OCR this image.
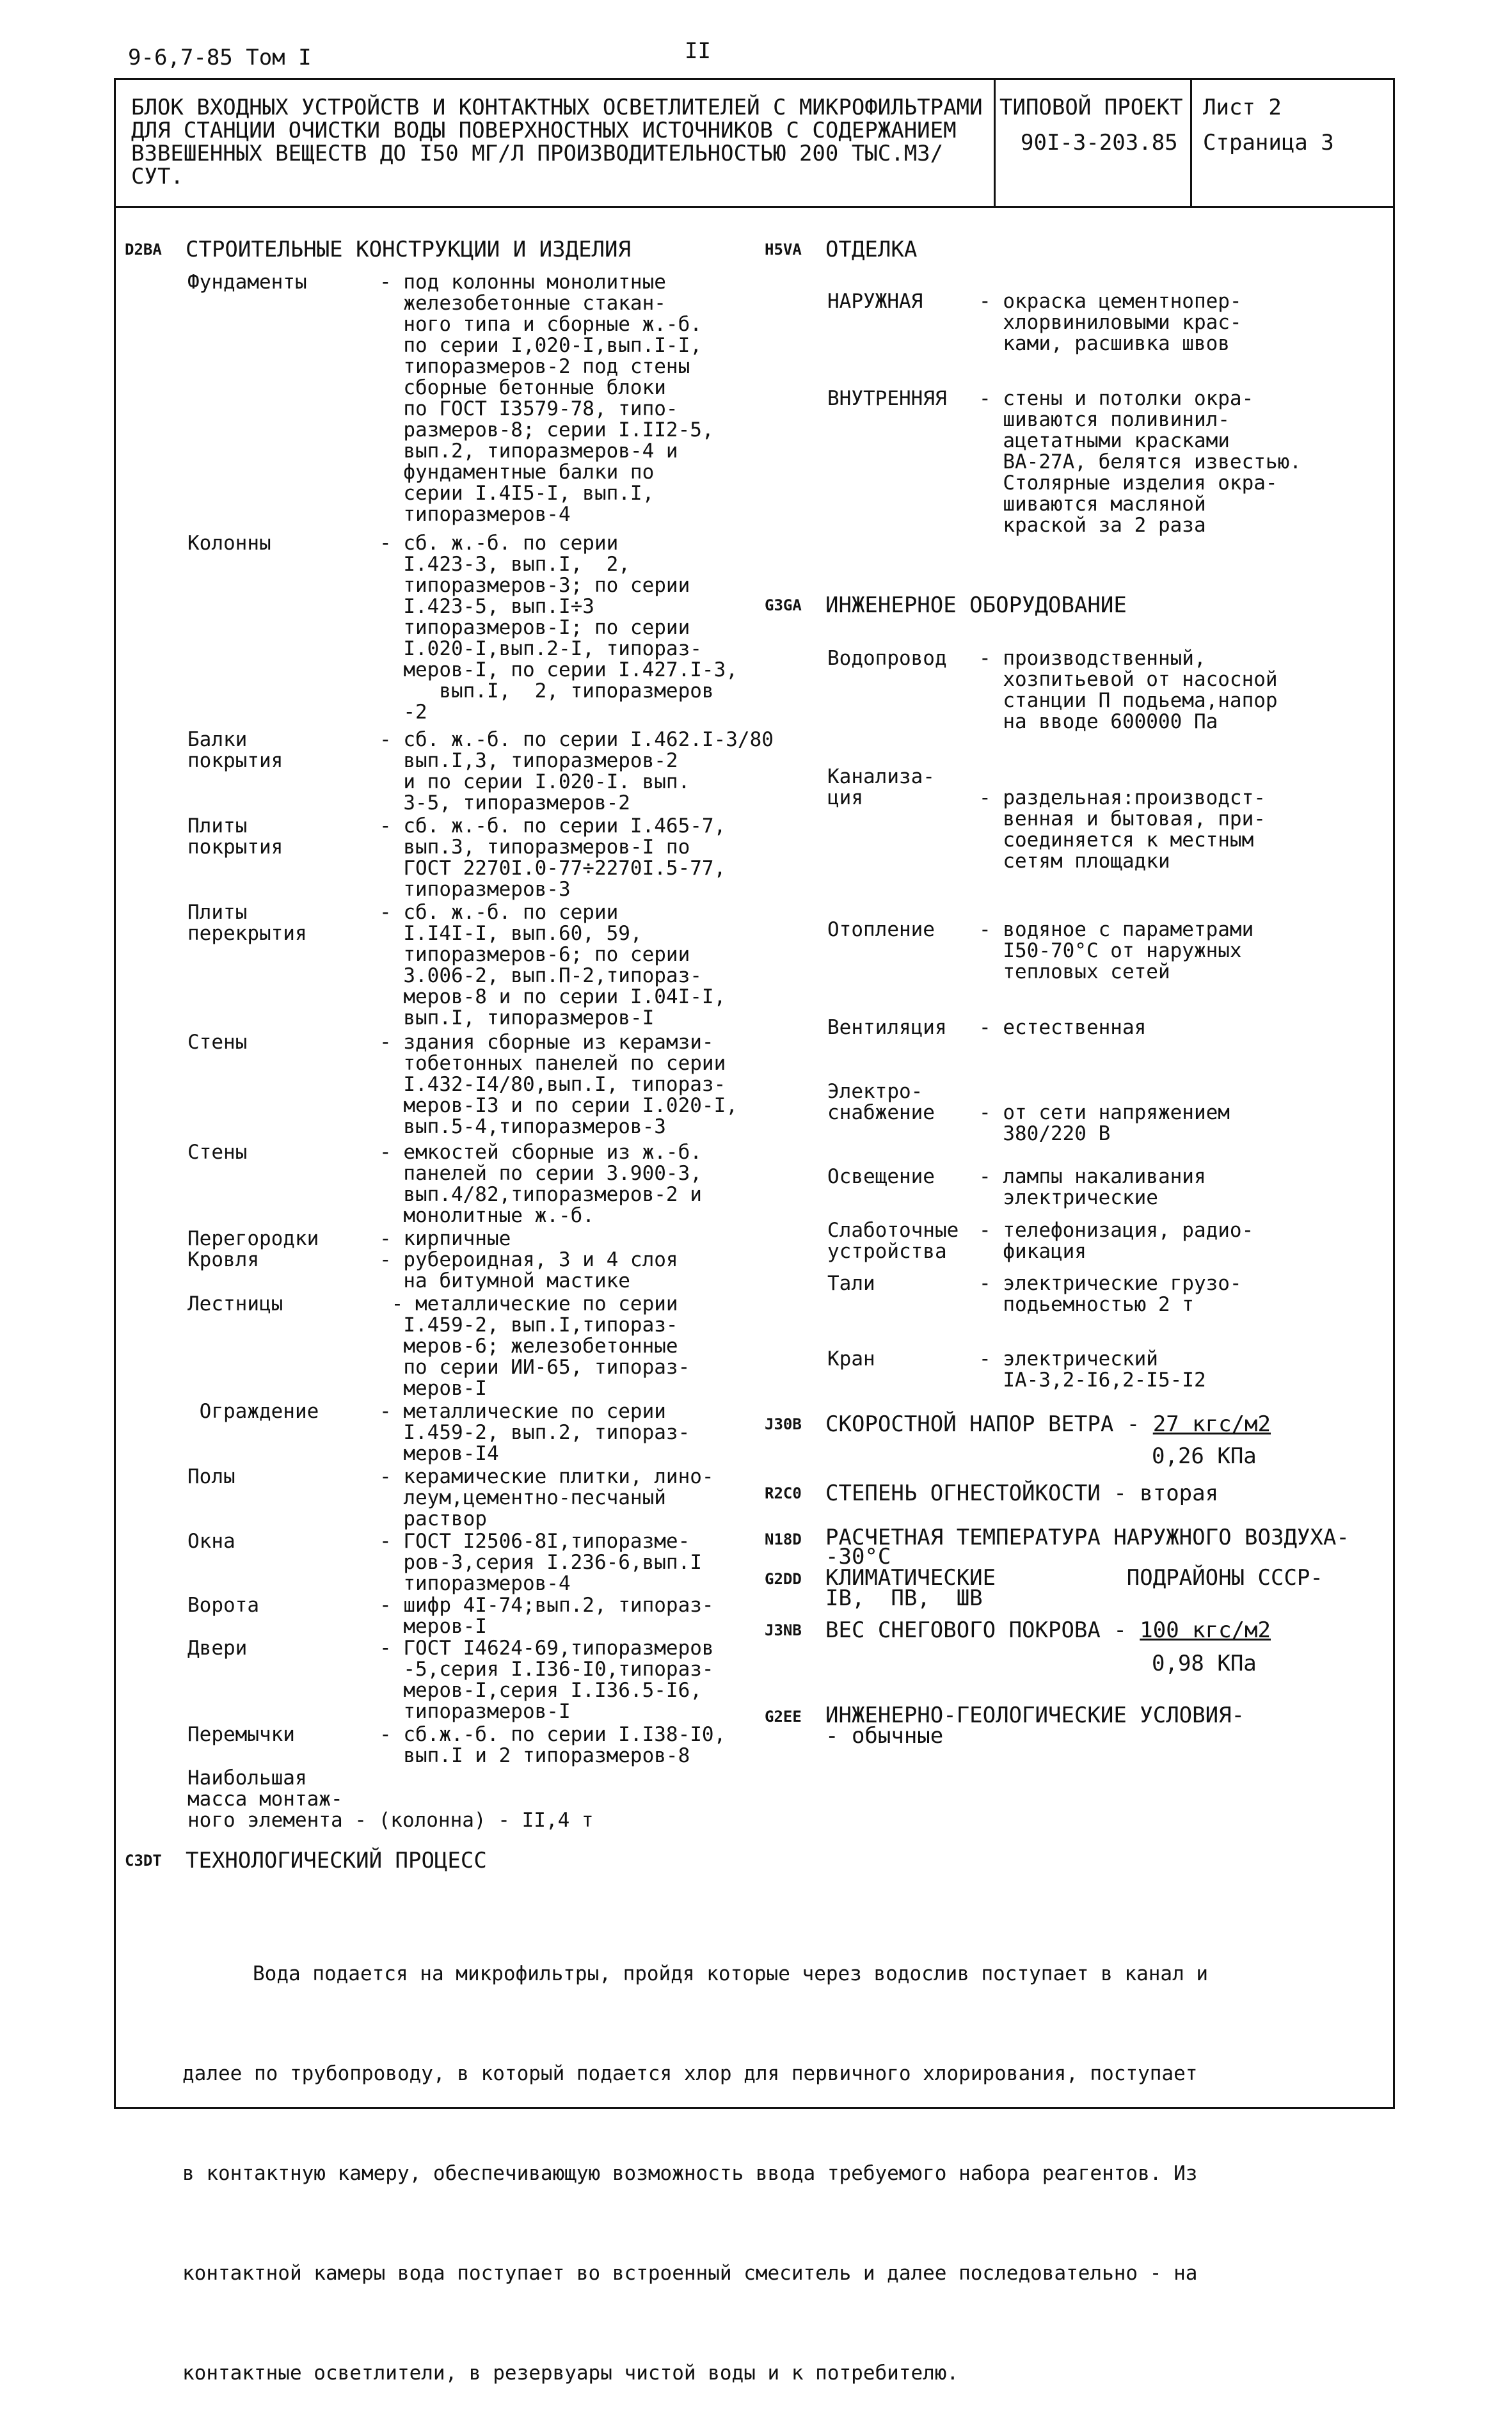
9-6,7-85 Том I	II
БЛОК ВХОДНЫХ УСТРОЙСТВ И КОНТАКТНЫХ ОСВЕТЛИТЕЛЕЙ С МИКРОФИЛЬТРАМИ
ДЛЯ СТАНЦИИ ОЧИСТКИ ВОДЫ ПОВЕРХНОСТНЫХ ИСТОЧНИКОВ С СОДЕРЖАНИЕМ
ВЗВЕШЕННЫХ ВЕЩЕСТВ ДО I50 МГ/Л ПРОИЗВОДИТЕЛЬНОСТЬЮ 200 ТЫС.МЗ/СУТ.
ТИПОВОЙ ПРОЕКТ
90I-3-203.85
Лист 2
Страница 3
D2BA СТРОИТЕЛЬНЫЕ КОНСТРУКЦИИ И ИЗДЕЛИЯ
Фундаменты	- под колонны монолитные
железобетонные стакан-
ного типа и сборные ж.-б.
по серии I,020-I,вып.I-I,
типоразмеров-2 под стены
сборные бетонные блоки
по ГОСТ I3579-78, типо-
размеров-8; серии I.II2-5,
вып.2, типоразмеров-4 и
фундаментные балки по
серии I.4I5-I, вып.I,
типоразмеров-4
Колонны	- сб. ж.-б. по серии
I.423-3, вып.I,  2,
типоразмеров-3; по серии
I.423-5, вып.I÷3
типоразмеров-I; по серии
I.020-I,вып.2-I, типораз-
меров-I, по серии I.427.I-3,
вып.I,  2, типоразмеров
-2
Балки
покрытия
- сб. ж.-б. по серии I.462.I-3/80
вып.I,3, типоразмеров-2
и по серии I.020-I. вып.
3-5, типоразмеров-2
Плиты
покрытия
- сб. ж.-б. по серии I.465-7,
вып.3, типоразмеров-I по
ГОСТ 2270I.0-77÷2270I.5-77,
типоразмеров-3
Плиты
перекрытия
- сб. ж.-б. по серии
I.I4I-I, вып.60, 59,
типоразмеров-6; по серии
3.006-2, вып.П-2,типораз-
меров-8 и по серии I.04I-I,
вып.I, типоразмеров-I
Стены	- здания сборные из керамзи-
тобетонных панелей по серии
I.432-I4/80,вып.I, типораз-
меров-I3 и по серии I.020-I,
вып.5-4,типоразмеров-3
Стены	- емкостей сборные из ж.-б.
панелей по серии 3.900-3,
вып.4/82,типоразмеров-2 и
монолитные ж.-б.
Перегородки	- кирпичные
Кровля	- рубероидная, 3 и 4 слоя
на битумной мастике
Лестницы	- металлические по серии
I.459-2, вып.I,типораз-
меров-6; железобетонные
по серии ИИ-65, типораз-
меров-I
Ограждение	- металлические по серии
I.459-2, вып.2, типораз-
меров-I4
Полы	- керамические плитки, лино-
леум,цементно-песчаный
раствор
Окна	- ГОСТ I2506-8I,типоразме-
ров-3,серия I.236-6,вып.I
типоразмеров-4
Ворота	- шифр 4I-74;вып.2, типораз-
меров-I
Двери	- ГОСТ I4624-69,типоразмеров
-5,серия I.I36-I0,типораз-
меров-I,серия I.I36.5-I6,
типоразмеров-I
Перемычки	- сб.ж.-б. по серии I.I38-I0,
вып.I и 2 типоразмеров-8
Наибольшая
масса монтаж-
ного элемента - (колонна) - II,4 т
H5VA ОТДЕЛКА
НАРУЖНАЯ	- окраска цементнопер-
хлорвиниловыми крас-
ками, расшивка швов
ВНУТРЕННЯЯ - стены и потолки окра-
шиваются поливинил-
ацетатными красками
ВА-27А, белятся известью.
Столярные изделия окра-
шиваются масляной
краской за 2 раза
G3GA ИНЖЕНЕРНОЕ ОБОРУДОВАНИЕ
Водопровод - производственный,
хозпитьевой от насосной
станции П подьема,напор
на вводе 600000 Па
Канализа-
ция	
- раздельная:производст-
венная и бытовая, при-
соединяется к местным
сетям площадки
Отопление - водяное с параметрами
I50-70°С от наружных
тепловых сетей
Вентиляция - естественная
Электро-
снабжение
- от сети напряжением
380/220 В
Освещение - лампы накаливания
электрические
Слаботочные
устройства
- телефонизация, радио-
фикация
Тали	- электрические грузо-
подьемностью 2 т
Кран	- электрический
IA-3,2-I6,2-I5-I2
J30B СКОРОСТНОЙ НАПОР ВЕТРА - 27 кгс/м2
0,26 КПа
R2C0 СТЕПЕНЬ ОГНЕСТОЙКОСТИ - вторая
N18D РАСЧЕТНАЯ ТЕМПЕРАТУРА НАРУЖНОГО ВОЗДУХА-
-30°С
G2DD КЛИМАТИЧЕСКИЕ          ПОДРАЙОНЫ СССР-
IB,  ПВ,  ШВ
J3NB ВЕС СНЕГОВОГО ПОКРОВА - 100 кгс/м2
0,98 КПа
G2EE ИНЖЕНЕРНО-ГЕОЛОГИЧЕСКИЕ УСЛОВИЯ-
- обычные
C3DT ТЕХНОЛОГИЧЕСКИЙ ПРОЦЕСС

Вода подается на микрофильтры, пройдя которые через водослив поступает в канал и

далее по трубопроводу, в который подается хлор для первичного хлорирования, поступает

в контактную камеру, обеспечивающую возможность ввода требуемого набора реагентов. Из

контактной камеры вода поступает во встроенный смеситель и далее последовательно - на

контактные осветлители, в резервуары чистой воды и к потребителю.
